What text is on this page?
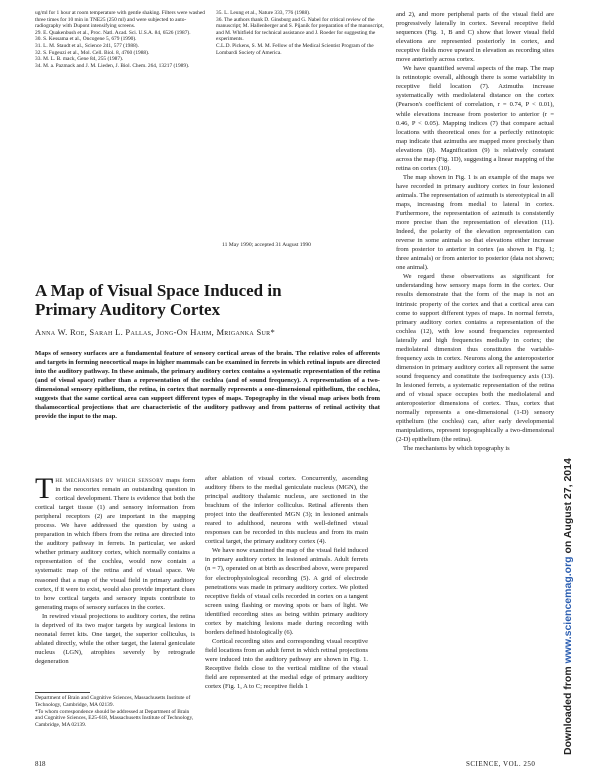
ug/ml for 1 hour at room temperature with gentle shaking. Filters were washed three times for 10 min in TNE25 (250 ml) and were subjected to auto-radiography with Dupont intensifying screens.

29. E. Quakenbush et al., Proc. Natl. Acad. Sci. U.S.A. 84, 6526 (1987).

30. S. Kessama et al., Oncogene 5, 679 (1990).

31. L. M. Staudt et al., Science 241, 577 (1988).

32. S. Fugeuzi et al., Mol. Cell. Biol. 8, 4760 (1988).

33. M. L. B. mack, Gene 84, 255 (1987).

34. M. a. Pazmack and J. M. Lieden, J. Biol. Chem. 264, 13217 (1989).

35. L. Leung et al., Nature 333, 776 (1988).

36. The authors thank D. Ginsburg and G. Nabel for critical review of the manuscript; M. Hallenberger and S. Pijanik for preparation of the manuscript, and M. Whitfield for technical assistance and J. Roeder for suggesting the experiments.

C.L.D. Pickens, S. M. M. Fellow of the Medical Scientist Program of the Lombardi Society of America.

11 May 1990; accepted 31 August 1990
A Map of Visual Space Induced in
Primary Auditory Cortex
Anna W. Roe, Sarah L. Pallas, Jong-On Hahm, Mriganka Sur*
Maps of sensory surfaces are a fundamental feature of sensory cortical areas of the brain. The relative roles of afferents and targets in forming neocortical maps in higher mammals can be examined in ferrets in which retinal inputs are directed into the auditory pathway. In these animals, the primary auditory cortex contains a systematic representation of the retina (and of visual space) rather than a representation of the cochlea (and of sound frequency). A representation of a two-dimensional sensory epithelium, the retina, in cortex that normally represents a one-dimensional epithelium, the cochlea, suggests that the same cortical area can support different types of maps. Topography in the visual map arises both from thalamocortical projections that are characteristic of the auditory pathway and from patterns of retinal activity that provide the input to the map.

The mechanisms by which sensory maps form in the neocortex remain an outstanding question in cortical development. There is evidence that both the cortical target tissue (1) and sensory information from peripheral receptors (2) are important in the mapping process. We have addressed the question by using a preparation in which fibers from the retina are directed into the auditory pathway in ferrets. In particular, we asked whether primary auditory cortex, which normally contains a representation of the cochlea, would now contain a systematic map of the retina and of visual space. We reasoned that a map of the visual field in primary auditory cortex, if it were to exist, would also provide important clues to how cortical targets and sensory inputs contribute to generating maps of sensory surfaces in the cortex.

In rewired visual projections to auditory cortex, the retina is deprived of its two major targets by surgical lesions in neonatal ferret kits. One target, the superior colliculus, is ablated directly, while the other target, the lateral geniculate nucleus (LGN), atrophies severely by retrograde degeneration

Department of Brain and Cognitive Sciences, Massachusetts Institute of Technology, Cambridge, MA 02139.

*To whom correspondence should be addressed at Department of Brain and Cognitive Sciences, E25-618, Massachusetts Institute of Technology, Cambridge, MA 02139.

after ablation of visual cortex. Concurrently, ascending auditory fibers to the medial geniculate nucleus (MGN), the principal auditory thalamic nucleus, are sectioned in the brachium of the inferior colliculus. Retinal afferents then project into the deafferented MGN (3); in lesioned animals reared to adulthood, neurons with well-defined visual responses can be recorded in this nucleus and from its main cortical target, the primary auditory cortex (4).

We have now examined the map of the visual field induced in primary auditory cortex in lesioned animals. Adult ferrets (n = 7), operated on at birth as described above, were prepared for electrophysiological recording (5). A grid of electrode penetrations was made in primary auditory cortex. We plotted receptive fields of visual cells recorded in cortex on a tangent screen using flashing or moving spots or bars of light. We identified recording sites as being within primary auditory cortex by matching lesions made during recording with borders defined histologically (6).

Cortical recording sites and corresponding visual receptive field locations from an adult ferret in which retinal projections were induced into the auditory pathway are shown in Fig. 1. Receptive fields close to the vertical midline of the visual field are represented at the medial edge of primary auditory cortex (Fig. 1, A to C; receptive fields 1

and 2), and more peripheral parts of the visual field are progressively laterally in cortex. Several receptive field sequences (Fig. 1, B and C) show that lower visual field elevations are represented posteriorly in cortex, and receptive fields move upward in elevation as recording sites move anteriorly across cortex.

We have quantified several aspects of the map. The map is retinotopic overall, although there is some variability in receptive field location (7). Azimuths increase systematically with mediolateral distance on the cortex (Pearson's coefficient of correlation, r = 0.74, P < 0.01), while elevations increase from posterior to anterior (r = 0.46, P < 0.05). Mapping indices (7) that compare actual locations with theoretical ones for a perfectly retinotopic map indicate that azimuths are mapped more precisely than elevations (8). Magnification (9) is relatively constant across the map (Fig. 1D), suggesting a linear mapping of the retina on cortex (10).

The map shown in Fig. 1 is an example of the maps we have recorded in primary auditory cortex in four lesioned animals. The representation of azimuth is stereotypical in all maps, increasing from medial to lateral in cortex. Furthermore, the representation of azimuth is consistently more precise than the representation of elevation (11). Indeed, the polarity of the elevation representation can reverse in some animals so that elevations either increase from posterior to anterior in cortex (as shown in Fig. 1; three animals) or from anterior to posterior (data not shown; one animal).

We regard these observations as significant for understanding how sensory maps form in the cortex. Our results demonstrate that the form of the map is not an intrinsic property of the cortex and that a cortical area can come to support different types of maps. In normal ferrets, primary auditory cortex contains a representation of the cochlea (12), with low sound frequencies represented laterally and high frequencies medially in cortex; the mediolateral dimension thus constitutes the variable-frequency axis in cortex. Neurons along the anteroposterior dimension in primary auditory cortex all represent the same sound frequency and constitute the isofrequency axis (13). In lesioned ferrets, a systematic representation of the retina and of visual space occupies both the mediolateral and anteroposterior dimensions of cortex. Thus, cortex that normally represents a one-dimensional (1-D) sensory epithelium (the cochlea) can, after early developmental manipulations, represent topographically a two-dimensional (2-D) epithelium (the retina).

The mechanisms by which topography is

818	SCIENCE, VOL. 250
Downloaded from www.sciencemag.org on August 27, 2014
